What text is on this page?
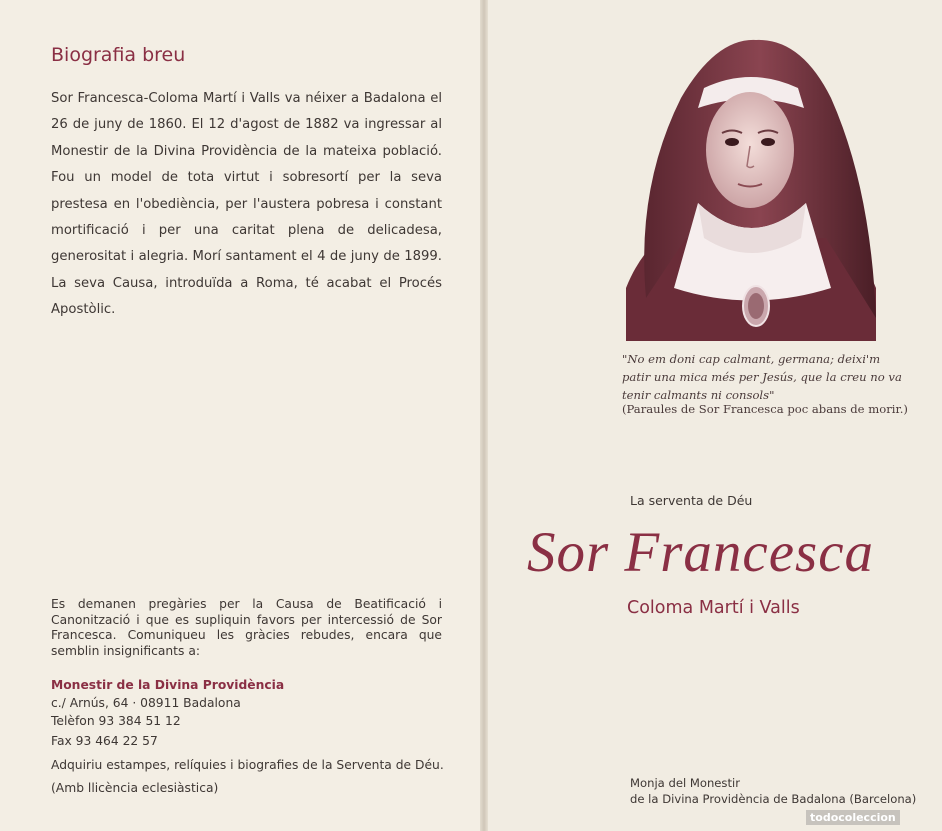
Biografia breu

Sor Francesca-Coloma Martí i Valls va néixer a Badalona el 26 de juny de 1860. El 12 d'agost de 1882 va ingressar al Monestir de la Divina Providència de la mateixa població. Fou un model de tota virtut i sobresortí per la seva prestesa en l'obediència, per l'austera pobresa i constant mortificació i per una caritat plena de delicadesa, generositat i alegria. Morí santament el 4 de juny de 1899. La seva Causa, introduïda a Roma, té acabat el Procés Apostòlic.

Es demanen pregàries per la Causa de Beatificació i Canonització i que es supliquin favors per intercessió de Sor Francesca. Comuniqueu les gràcies rebudes, encara que semblin insignificants a:

Monestir de la Divina Providència
c./ Arnús, 64 · 08911 Badalona
Telèfon 93 384 51 12
Fax 93 464 22 57
Adquiriu estampes, relíquies i biografies de la Serventa de Déu.
(Amb llicència eclesiàstica)

"No em doni cap calmant, germana; deixi'm patir una mica més per Jesús, que la creu no va tenir calmants ni consols"

(Paraules de Sor Francesca poc abans de morir.)
La serventa de Déu
Sor Francesca
Coloma Martí i Valls
Monja del Monestir
de la Divina Providència de Badalona (Barcelona)
todocoleccion
